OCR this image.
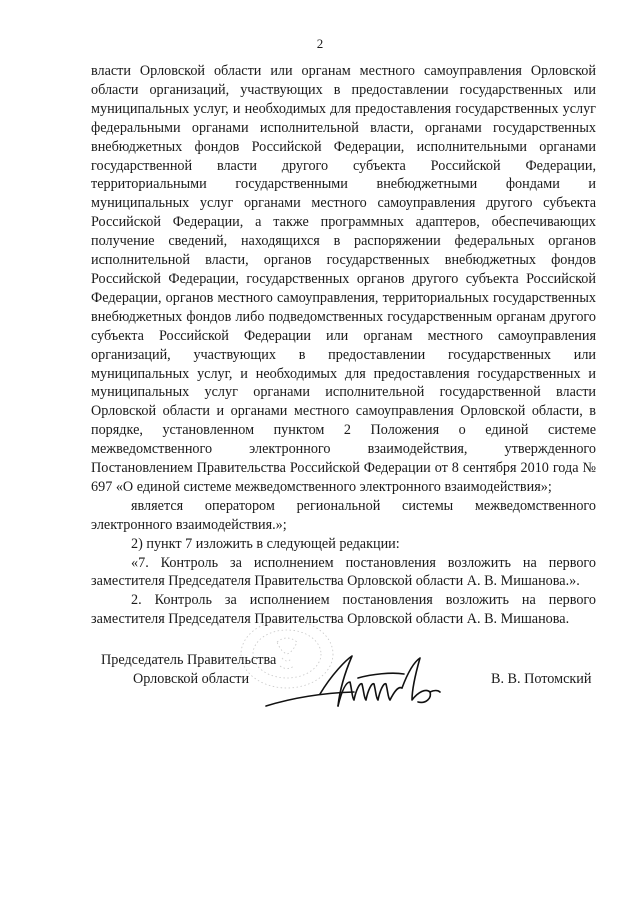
2

власти Орловской области или органам местного самоуправления Орловской области организаций, участвующих в предоставлении государственных или муниципальных услуг, и необходимых для предоставления государственных услуг федеральными органами исполнительной власти, органами государственных внебюджетных фондов Российской Федерации, исполнительными органами государственной власти другого субъекта Российской Федерации, территориальными государственными внебюджетными фондами и муниципальных услуг органами местного самоуправления другого субъекта Российской Федерации, а также программных адаптеров, обеспечивающих получение сведений, находящихся в распоряжении федеральных органов исполнительной власти, органов государственных внебюджетных фондов Российской Федерации, государственных органов другого субъекта Российской Федерации, органов местного самоуправления, территориальных государственных внебюджетных фондов либо подведомственных государственным органам другого субъекта Российской Федерации или органам местного самоуправления организаций, участвующих в предоставлении государственных или муниципальных услуг, и необходимых для предоставления государственных и муниципальных услуг органами исполнительной государственной власти Орловской области и органами местного самоуправления Орловской области, в порядке, установленном пунктом 2 Положения о единой системе межведомственного электронного взаимодействия, утвержденного Постановлением Правительства Российской Федерации от 8 сентября 2010 года № 697 «О единой системе межведомственного электронного взаимодействия»;

является оператором региональной системы межведомственного электронного взаимодействия.»;

2) пункт 7 изложить в следующей редакции:

«7. Контроль за исполнением постановления возложить на первого заместителя Председателя Правительства Орловской области А. В. Мишанова.».

2. Контроль за исполнением постановления возложить на первого заместителя Председателя Правительства Орловской области А. В. Мишанова.

Председатель Правительства
Орловской области	В. В. Потомский
